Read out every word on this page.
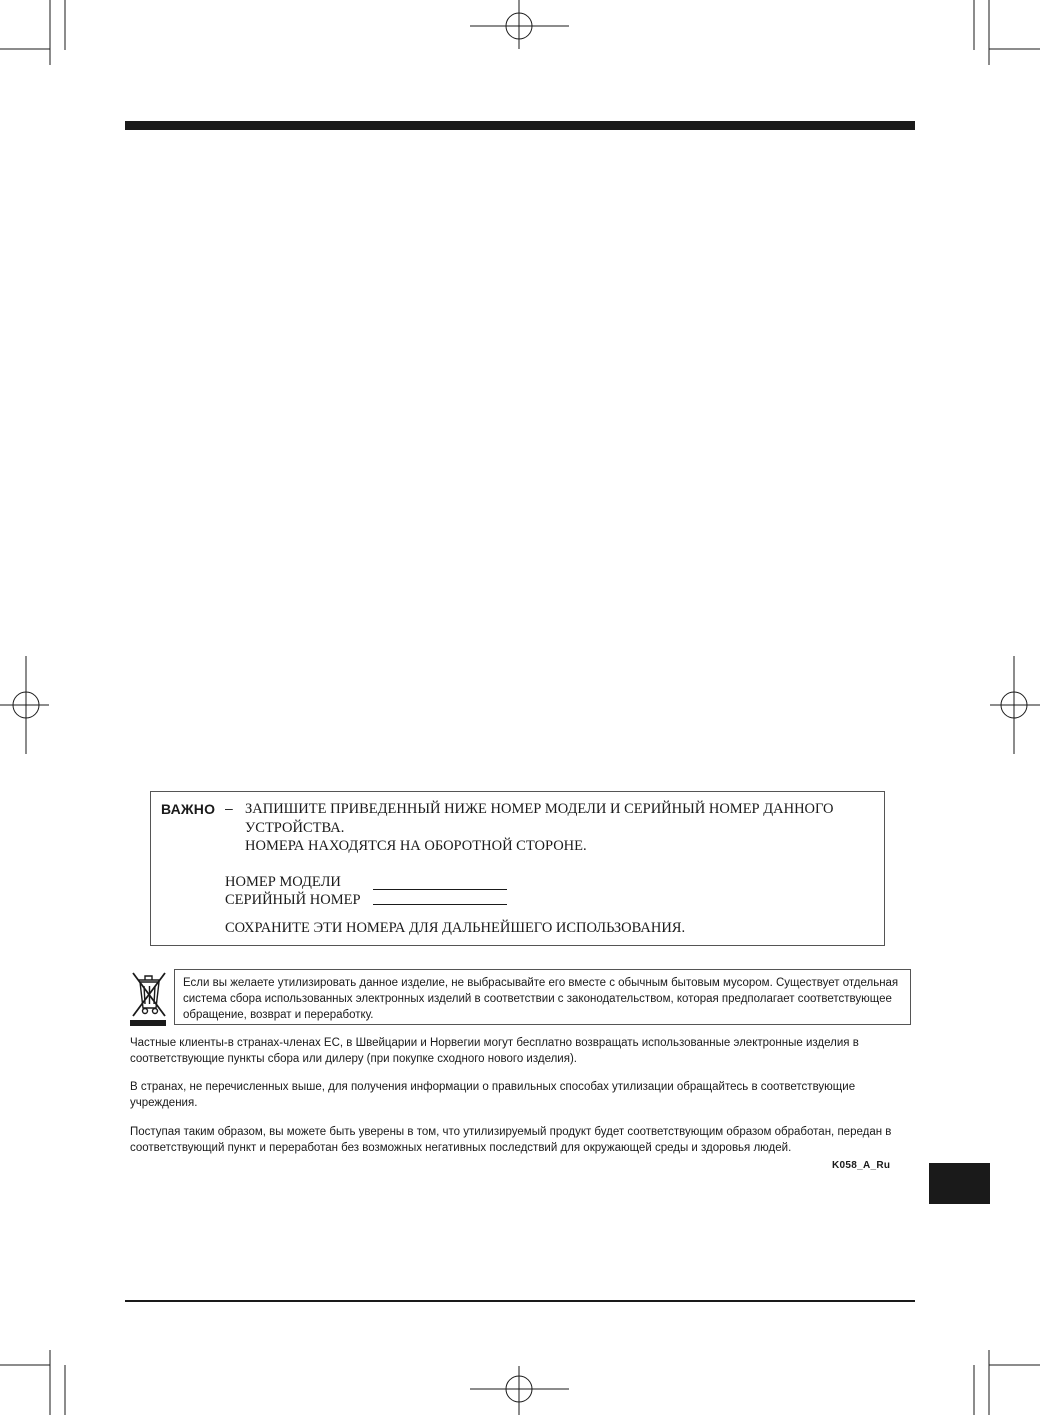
ВАЖНО – ЗАПИШИТЕ ПРИВЕДЕННЫЙ НИЖЕ НОМЕР МОДЕЛИ И СЕРИЙНЫЙ НОМЕР ДАННОГО
УСТРОЙСТВА.
НОМЕРА НАХОДЯТСЯ НА ОБОРОТНОЙ СТОРОНЕ.
НОМЕР МОДЕЛИ
СЕРИЙНЫЙ НОМЕР
СОХРАНИТЕ ЭТИ НОМЕРА ДЛЯ ДАЛЬНЕЙШЕГО ИСПОЛЬЗОВАНИЯ.
Если вы желаете утилизировать данное изделие, не выбрасывайте его вместе с обычным бытовым мусором. Существует отдельная система сбора использованных электронных изделий в соответствии с законодательством, которая предполагает соответствующее обращение, возврат и переработку.
Частные клиенты-в странах-членах ЕС, в Швейцарии и Норвегии могут бесплатно возвращать использованные электронные изделия в соответствующие пункты сбора или дилеру (при покупке сходного нового изделия).
В странах, не перечисленных выше, для получения информации о правильных способах утилизации обращайтесь в соответствующие учреждения.
Поступая таким образом, вы можете быть уверены в том, что утилизируемый продукт будет соответствующим образом обработан, передан в соответствующий пункт и переработан без возможных негативных последствий для окружающей среды и здоровья людей.
K058_A_Ru
